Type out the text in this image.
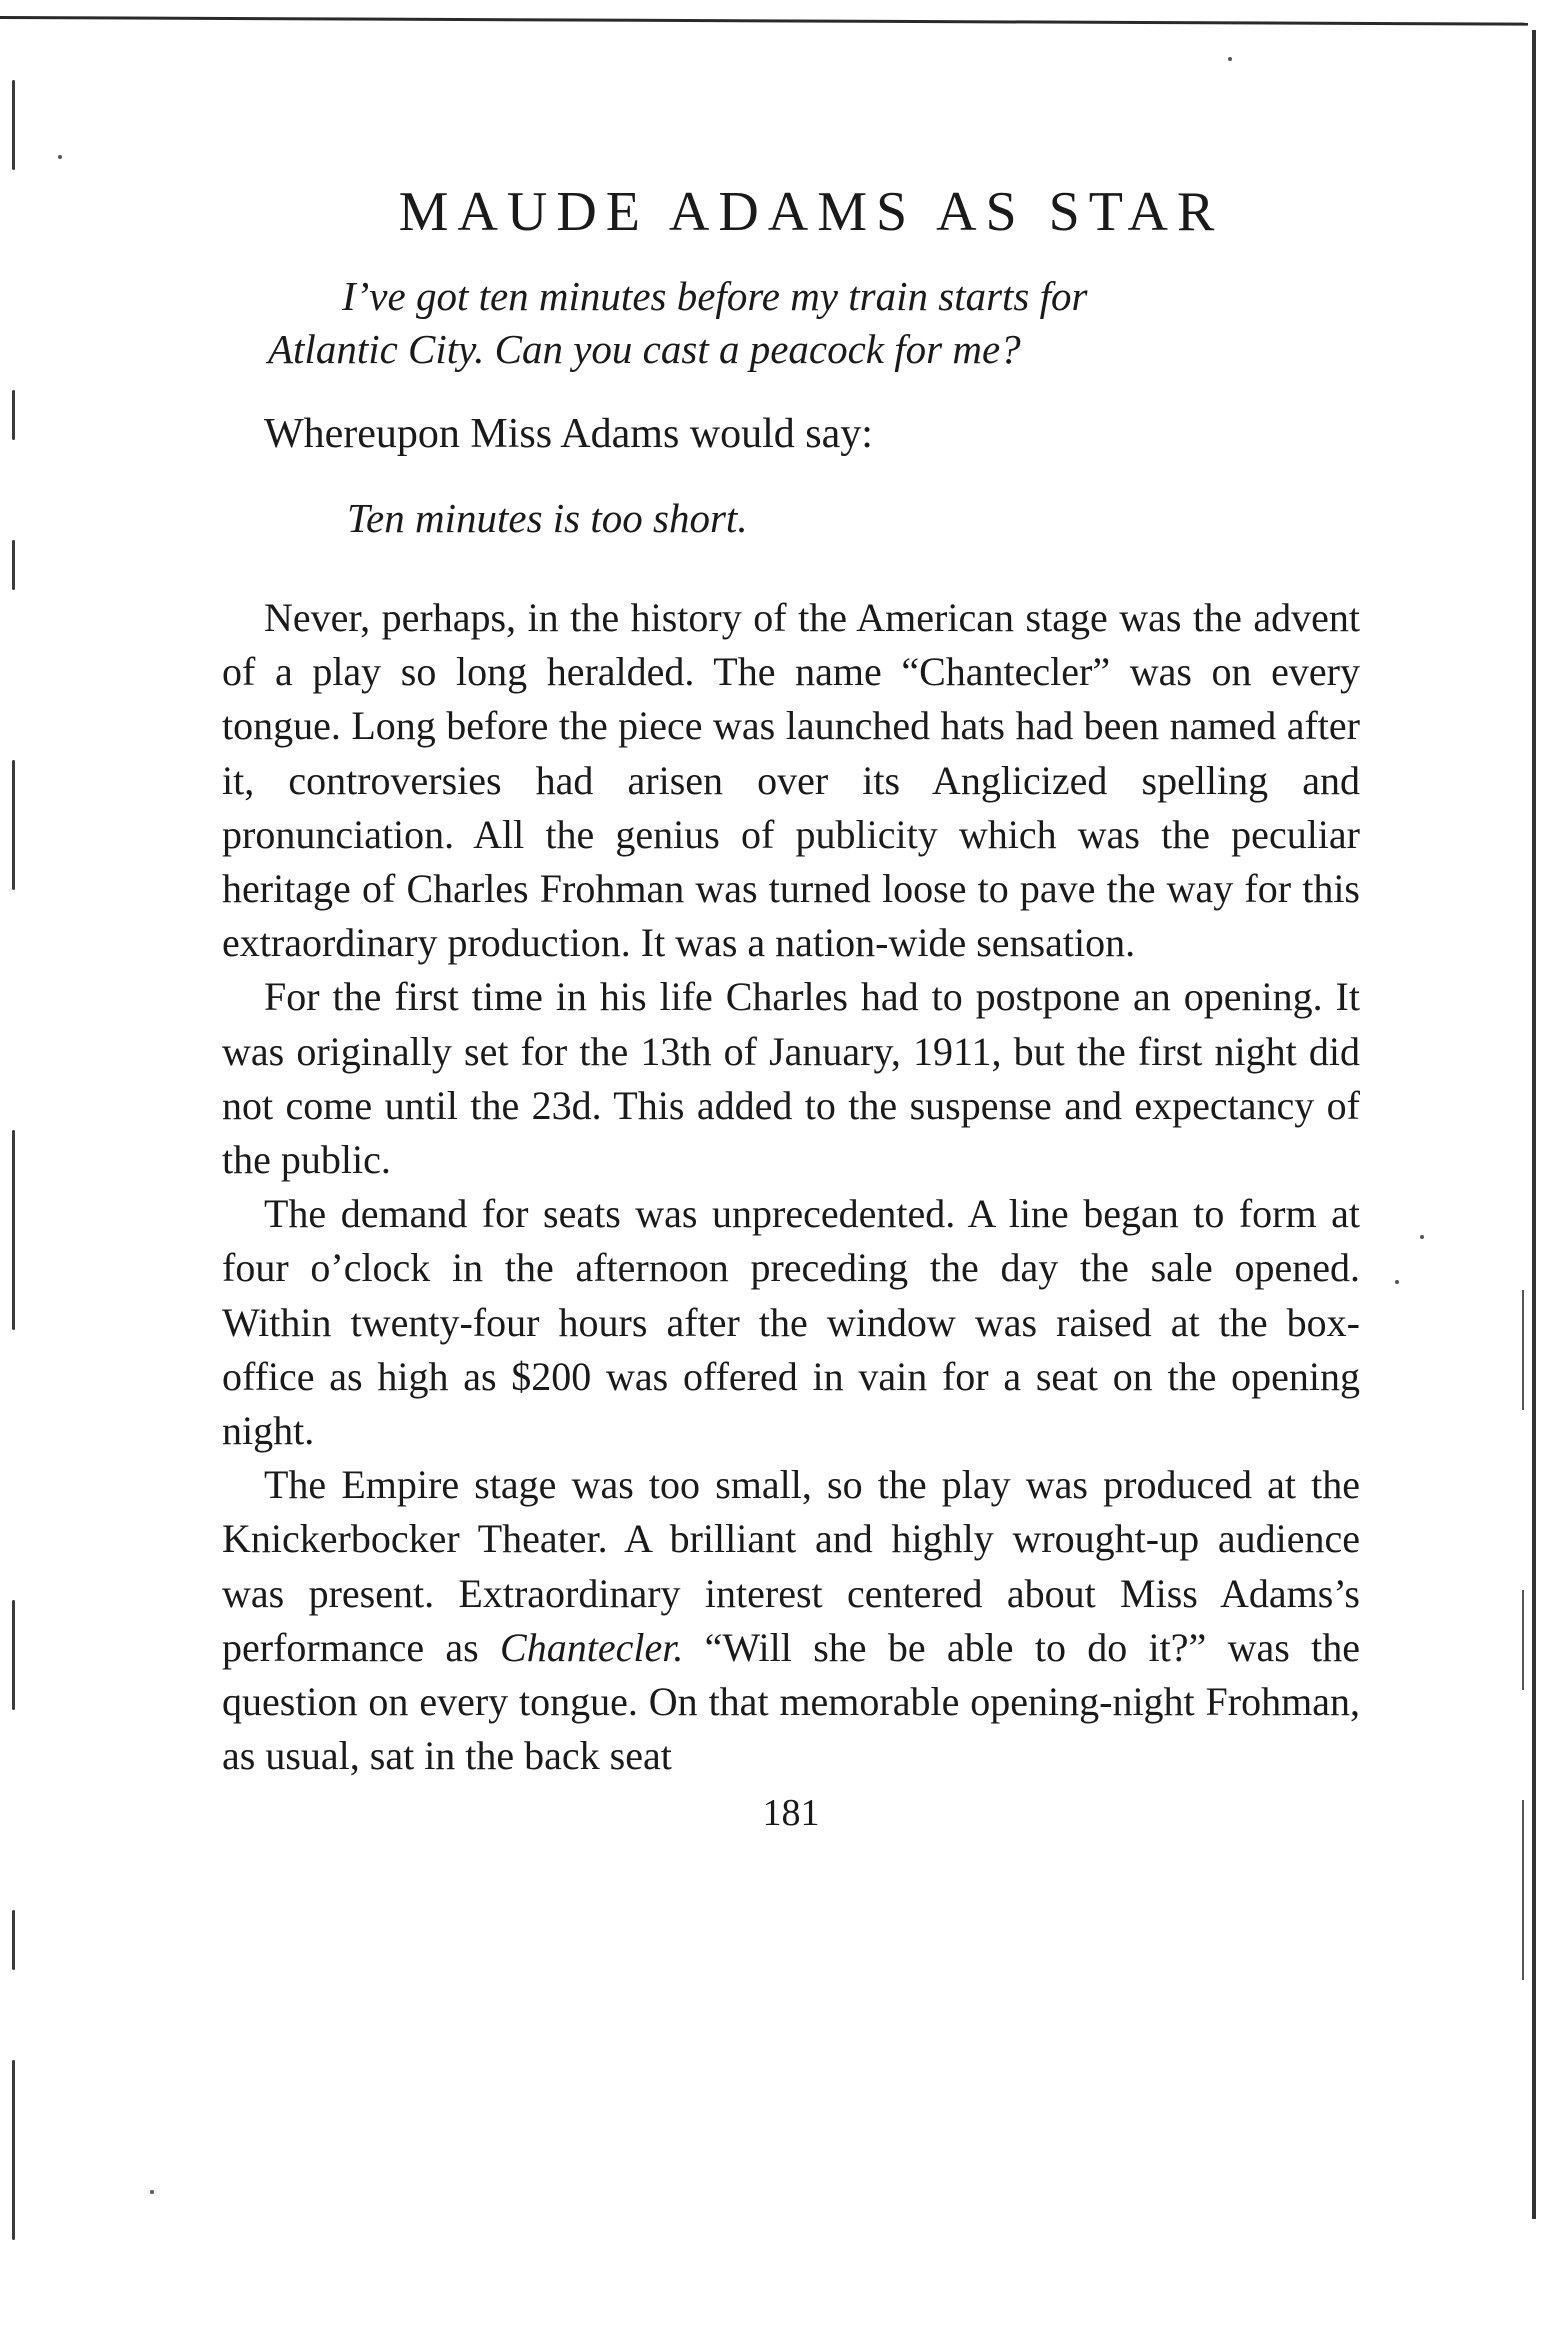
MAUDE ADAMS AS STAR

I’ve got ten minutes before my train starts for
Atlantic City. Can you cast a peacock for me?

Whereupon Miss Adams would say:

Ten minutes is too short.

Never, perhaps, in the history of the American stage was the advent of a play so long heralded. The name “Chantecler” was on every tongue. Long before the piece was launched hats had been named after it, controversies had arisen over its Anglicized spelling and pronunciation. All the genius of publicity which was the peculiar heritage of Charles Frohman was turned loose to pave the way for this extraordinary production. It was a nation-wide sensation.

For the first time in his life Charles had to postpone an opening. It was originally set for the 13th of January, 1911, but the first night did not come until the 23d. This added to the suspense and expectancy of the public.

The demand for seats was unprecedented. A line began to form at four o’clock in the afternoon preceding the day the sale opened. Within twenty-four hours after the window was raised at the box-office as high as $200 was offered in vain for a seat on the opening night.

The Empire stage was too small, so the play was produced at the Knickerbocker Theater. A brilliant and highly wrought-up audience was present. Extraordinary interest centered about Miss Adams’s performance as Chantecler. “Will she be able to do it?” was the question on every tongue. On that memorable opening-night Frohman, as usual, sat in the back seat

181
